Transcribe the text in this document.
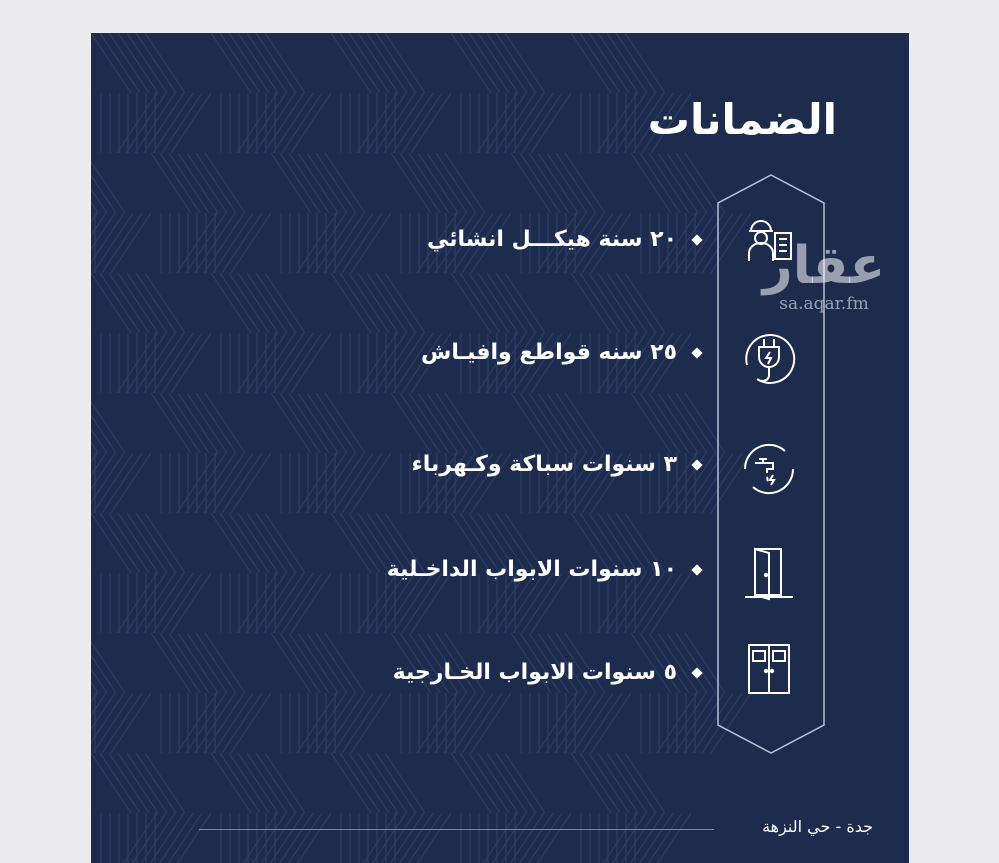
الضمانات
٢٠ سنة هيكـــل انشائي
٢٥ سنه قواطع وافيـاش
٣ سنوات سباكة وكـهرباء
١٠ سنوات الابواب الداخـلية
٥ سنوات الابواب الخـارجية
جدة - حي النزهة
عقار
sa.aqar.fm
